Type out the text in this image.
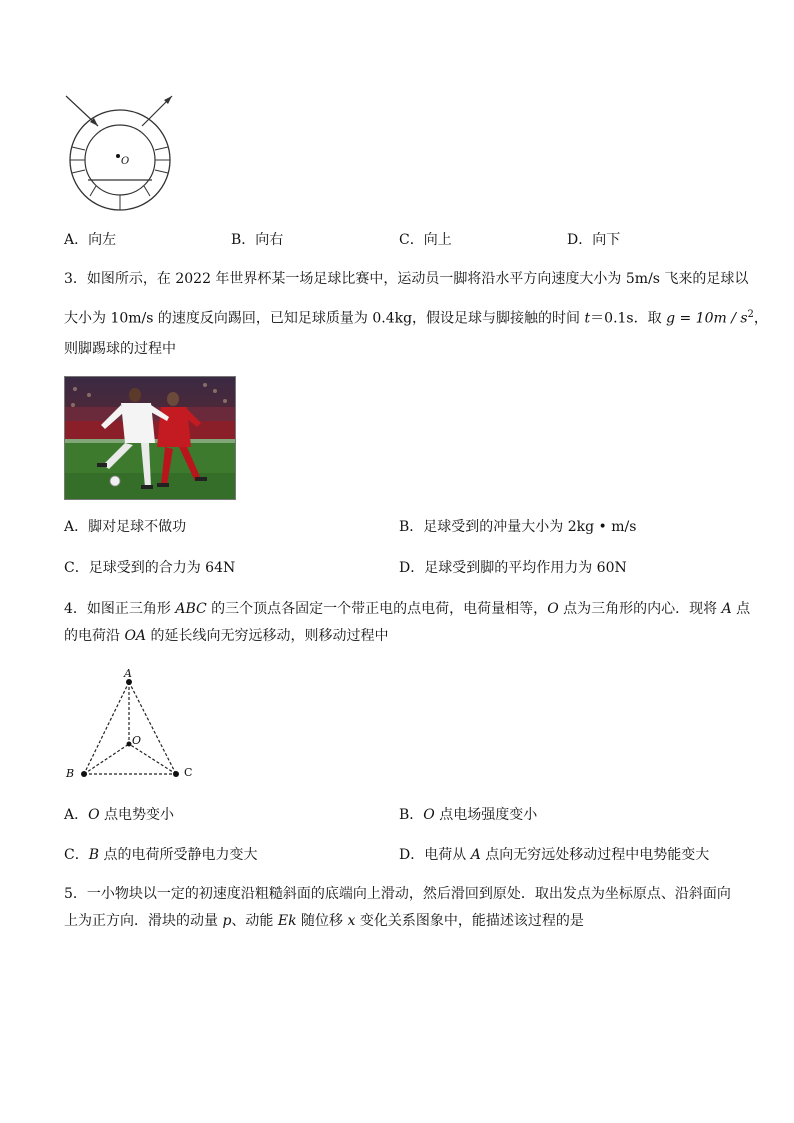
O
A．向左	B．向右	C．向上	D．向下
3．如图所示，在 2022 年世界杯某一场足球比赛中，运动员一脚将沿水平方向速度大小为 5m/s 飞来的足球以
大小为 10m/s 的速度反向踢回，已知足球质量为 0.4kg，假设足球与脚接触的时间 t＝0.1s．取 $g = 10m / s^2$，
则脚踢球的过程中
A．脚对足球不做功	B．足球受到的冲量大小为 2kg • m/s
C．足球受到的合力为 64N	D．足球受到脚的平均作用力为 60N
4．如图正三角形 ABC 的三个顶点各固定一个带正电的点电荷，电荷量相等，O 点为三角形的内心．现将 A 点
的电荷沿 OA 的延长线向无穷远移动，则移动过程中
A
B	C
O
A．O 点电势变小	B．O 点电场强度变小
C．B 点的电荷所受静电力变大	D．电荷从 A 点向无穷远处移动过程中电势能变大
5．一小物块以一定的初速度沿粗糙斜面的底端向上滑动，然后滑回到原处．取出发点为坐标原点、沿斜面向
上为正方向．滑块的动量 p、动能 Ek 随位移 x 变化关系图象中，能描述该过程的是
